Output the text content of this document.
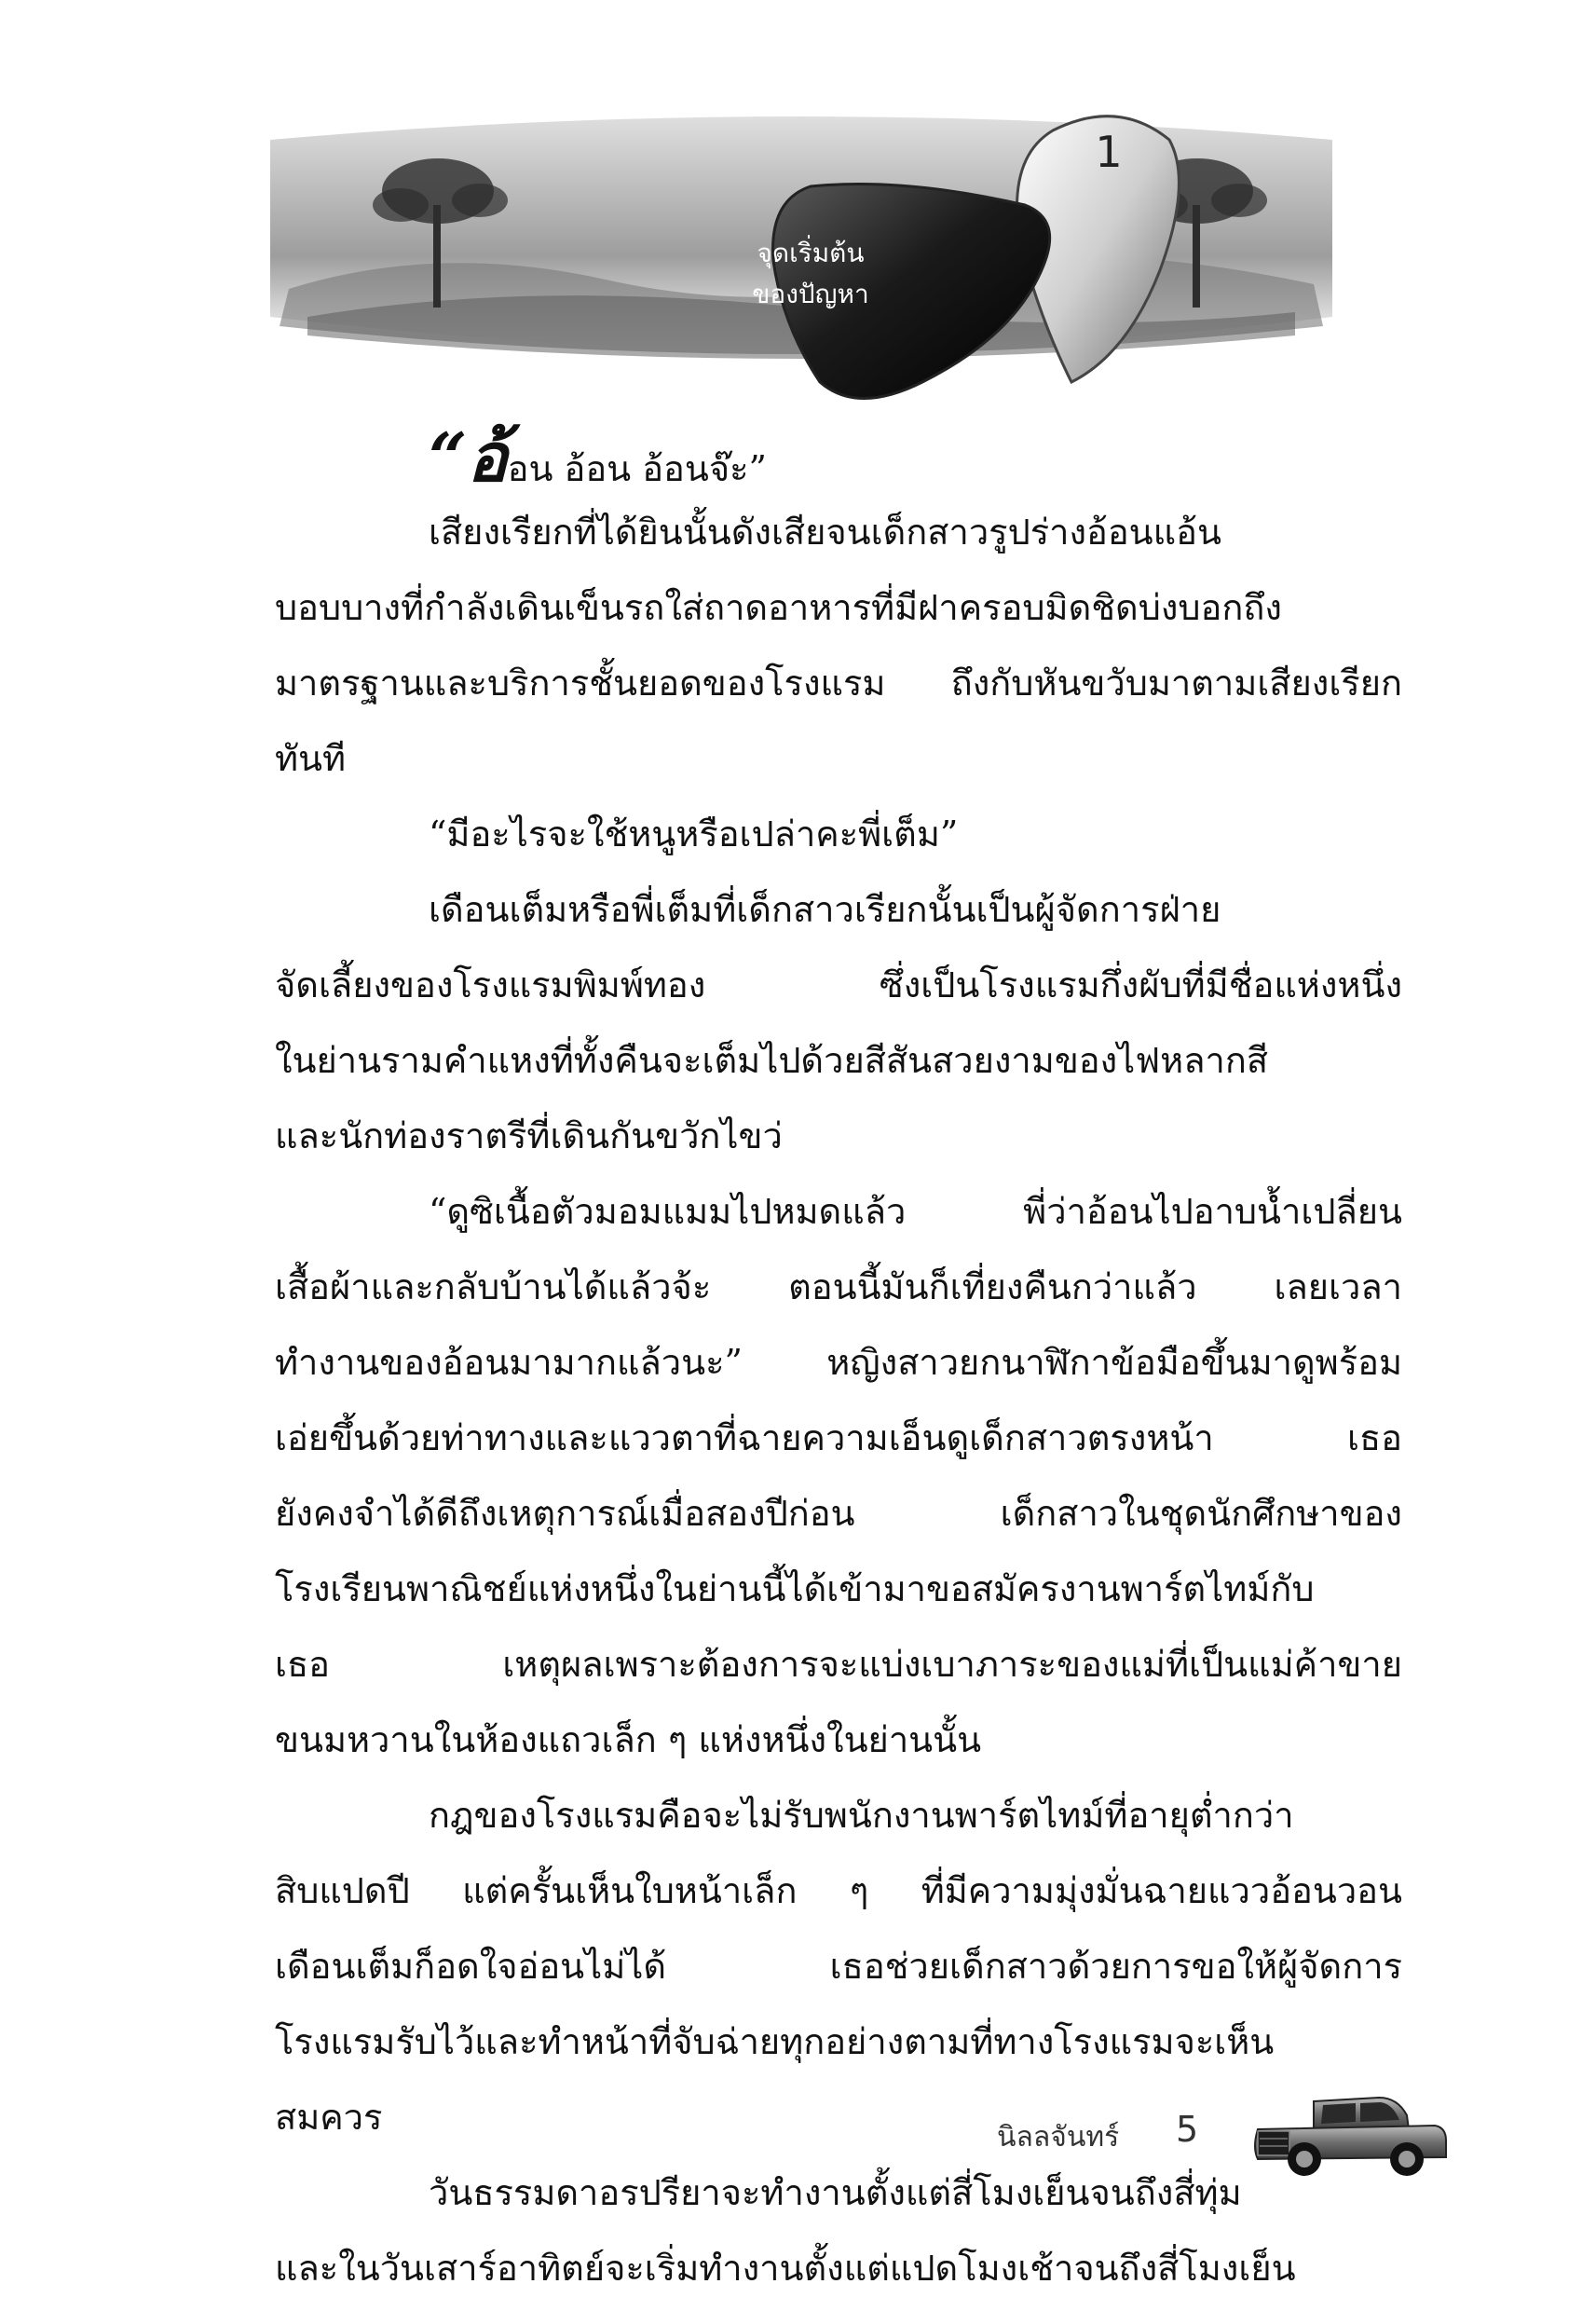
1
จุดเริ่มต้น
ของปัญหา
“อ้อน อ้อน อ้อนจ๊ะ”
เสียงเรียกที่ได้ยินนั้นดังเสียจนเด็กสาวรูปร่างอ้อนแอ้น
บอบบางที่กำลังเดินเข็นรถใส่ถาดอาหารที่มีฝาครอบมิดชิดบ่งบอกถึง
มาตรฐานและบริการชั้นยอดของโรงแรม ถึงกับหันขวับมาตามเสียงเรียก
ทันที
“มีอะไรจะใช้หนูหรือเปล่าคะพี่เต็ม”
เดือนเต็มหรือพี่เต็มที่เด็กสาวเรียกนั้นเป็นผู้จัดการฝ่าย
จัดเลี้ยงของโรงแรมพิมพ์ทอง ซึ่งเป็นโรงแรมกึ่งผับที่มีชื่อแห่งหนึ่ง
ในย่านรามคำแหงที่ทั้งคืนจะเต็มไปด้วยสีสันสวยงามของไฟหลากสี
และนักท่องราตรีที่เดินกันขวักไขว่
“ดูซิเนื้อตัวมอมแมมไปหมดแล้ว พี่ว่าอ้อนไปอาบน้ำเปลี่ยน
เสื้อผ้าและกลับบ้านได้แล้วจ้ะ ตอนนี้มันก็เที่ยงคืนกว่าแล้ว เลยเวลา
ทำงานของอ้อนมามากแล้วนะ” หญิงสาวยกนาฬิกาข้อมือขึ้นมาดูพร้อม
เอ่ยขึ้นด้วยท่าทางและแววตาที่ฉายความเอ็นดูเด็กสาวตรงหน้า เธอ
ยังคงจำได้ดีถึงเหตุการณ์เมื่อสองปีก่อน เด็กสาวในชุดนักศึกษาของ
โรงเรียนพาณิชย์แห่งหนึ่งในย่านนี้ได้เข้ามาขอสมัครงานพาร์ตไทม์กับ
เธอ เหตุผลเพราะต้องการจะแบ่งเบาภาระของแม่ที่เป็นแม่ค้าขาย
ขนมหวานในห้องแถวเล็ก ๆ แห่งหนึ่งในย่านนั้น
กฎของโรงแรมคือจะไม่รับพนักงานพาร์ตไทม์ที่อายุต่ำกว่า
สิบแปดปี แต่ครั้นเห็นใบหน้าเล็ก ๆ ที่มีความมุ่งมั่นฉายแววอ้อนวอน
เดือนเต็มก็อดใจอ่อนไม่ได้ เธอช่วยเด็กสาวด้วยการขอให้ผู้จัดการ
โรงแรมรับไว้และทำหน้าที่จับฉ่ายทุกอย่างตามที่ทางโรงแรมจะเห็น
สมควร
วันธรรมดาอรปรียาจะทำงานตั้งแต่สี่โมงเย็นจนถึงสี่ทุ่ม
และในวันเสาร์อาทิตย์จะเริ่มทำงานตั้งแต่แปดโมงเช้าจนถึงสี่โมงเย็น
นิลลจันทร์ 5
